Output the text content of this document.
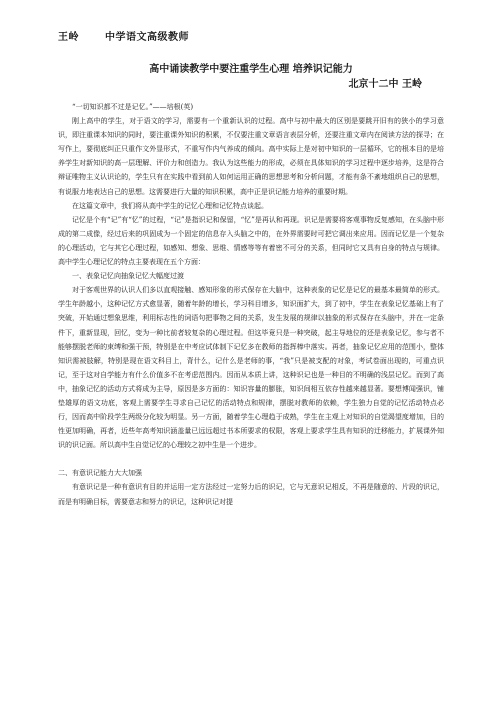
王岭	中学语文高级教师
高中诵读教学中要注重学生心理 培养识记能力
北京十二中 王岭

“一切知识都不过是记忆。”——培根(英)

刚上高中的学生，对于语文的学习，需要有一个重新认识的过程。高中与初中最大的区别是要跳开旧有的狭小的学习意识，即注重课本知识的同时，要注重课外知识的积累，不仅要注重文章语言表层分析，还要注重文章内在阅读方法的探寻；在写作上，要彻底纠正只重作文外显形式，不重写作内气养成的倾向。高中实际上是对初中知识的一层循环，它的根本目的是培养学生对新知识的高一层理解、评价力和创造力。我认为这些能力的形成，必须在具体知识的学习过程中逐步培养，这是符合辩证唯物主义认识论的，学生只有在实践中看到前人如何运用正确的思想思考和分析问题，才能有条不紊地组织自己的思想，有说服力地表达自己的思想。这需要进行大量的知识积累，高中正是识记能力培养的重要时期。

在这篇文章中，我们将从高中学生的记忆心理和记忆特点谈起。

记忆是个有“记”有“忆”的过程，“记”是指识记和保留，“忆”是再认和再现。识记是需要将客观事物反复感知，在头脑中形成的第二成像，经过后来的巩固成为一个固定的信息存入头脑之中的，在外界需要时可把它调出来应用。因而记忆是一个复杂的心理活动，它与其它心理过程，如感知、想象、思维、情感等等有着密不可分的关系，但同时它又具有自身的特点与规律。高中学生心理记忆的特点主要表现在五个方面：

一、表象记忆向抽象记忆大幅度过渡

对于客观世界的认识人们多以直观接触、感知形象的形式保存在大脑中，这种表象的记忆是记忆的最基本最简单的形式。学生年龄越小，这种记忆方式愈显著，随着年龄的增长，学习科目增多，知识面扩大，到了初中，学生在表象记忆基础上有了突破，开始通过想象思维，利用标志性的词语句把事物之间的关系，发生发展的规律以抽象的形式保存在头脑中，并在一定条件下，重新显现，回忆，变为一种比前者较复杂的心理过程。但这毕竟只是一种突破，起主导地位的还是表象记忆，参与者不能够摆脱老师的束缚和强干预，特别是在中考应试体制下记忆多在教师的指挥棒中落实。再者，抽象记忆应用的范围小，整体知识需被肢解，特别是现在语文科目上，背什么，记什么是老师的事，“我”只是被支配的对象，考试卷面出现的，可重点识记，至于这对自学能力有什么价值多不在考虑范围内。因而从本质上讲，这种识记也是一种目的不明确的浅层记忆。而到了高中，抽象记忆的活动方式将成为主导，原因是多方面的：知识容量的膨胀，知识间相互依存性越来越显著。要想博闻强识，铺垫雄厚的语文功底，客观上需要学生寻求自己记忆的活动特点和规律，摆脱对教师的依赖，学生独力自觉的记忆活动特点必行，因而高中阶段学生两级分化较为明显。另一方面，随着学生心理趋于成熟，学生在主观上对知识的自觉渴望度增加，目的性更加明确，再者，近些年高考知识涵盖量已远远超过书本所要求的权限，客观上要求学生具有知识的迁移能力，扩展课外知识的识记面。所以高中生自觉记忆的心理较之初中生是一个进步。

二、有意识记能力大大加强

有意识记是一种有意识有目的并运用一定方法经过一定努力后的识记，它与无意识记相反，不再是随意的、片段的识记，而是有明确目标，需要意志和努力的识记，这种识记对提
